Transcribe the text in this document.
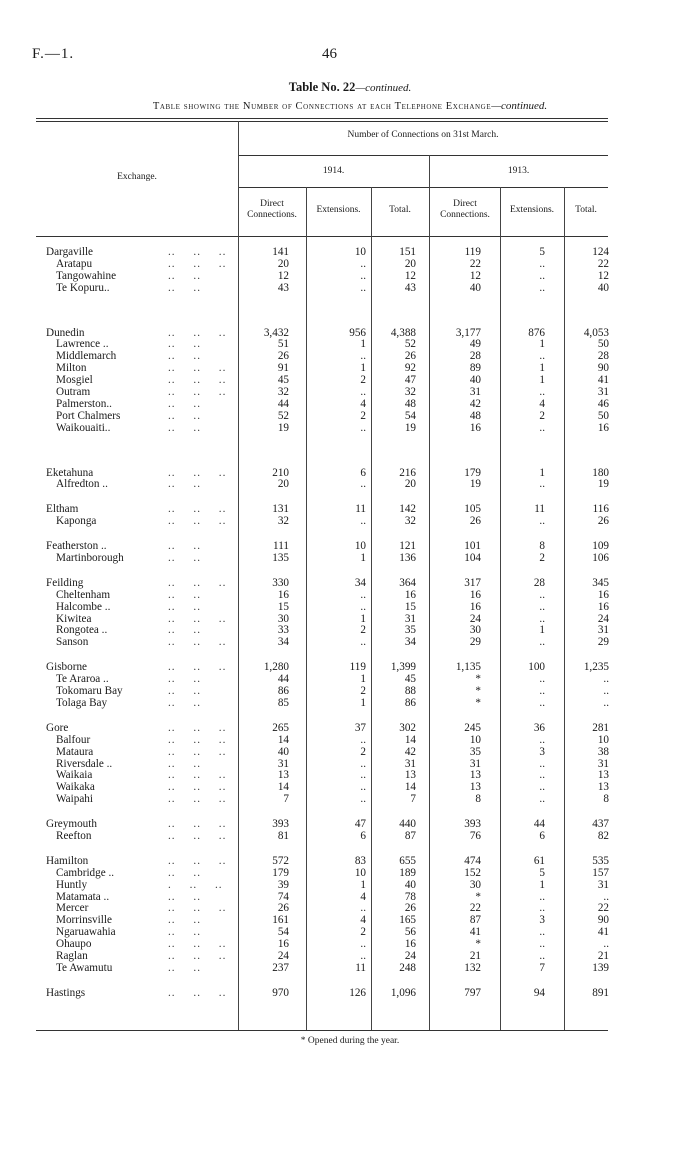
F.—1.	46
Table No. 22—continued.
Table showing the Number of Connections at each Telephone Exchange—continued.
Number of Connections on 31st March.
Exchange.
1914.	1913.
Direct Connections.	Extensions.	Total.
Direct Connections.	Extensions.	Total.
Dargaville	.. .. ..	141	10	151	119	5	124
Aratapu	.. .. ..	20	..	20	22	..	22
Tangowahine	.. ..	12	..	12	12	..	12
Te Kopuru..	.. ..	43	..	43	40	..	40
Dunedin	.. .. ..	3,432	956	4,388	3,177	876	4,053
Lawrence ..	.. ..	51	1	52	49	1	50
Middlemarch	.. ..	26	..	26	28	..	28
Milton	.. .. ..	91	1	92	89	1	90
Mosgiel	.. .. ..	45	2	47	40	1	41
Outram	.. .. ..	32	..	32	31	..	31
Palmerston..	.. ..	44	4	48	42	4	46
Port Chalmers	.. ..	52	2	54	48	2	50
Waikouaiti..	.. ..	19	..	19	16	..	16
Eketahuna	.. .. ..	210	6	216	179	1	180
Alfredton ..	.. ..	20	..	20	19	..	19
Eltham	.. .. ..	131	11	142	105	11	116
Kaponga	.. .. ..	32	..	32	26	..	26
Featherston ..	.. ..	111	10	121	101	8	109
Martinborough	.. ..	135	1	136	104	2	106
Feilding	.. .. ..	330	34	364	317	28	345
Cheltenham	.. ..	16	..	16	16	..	16
Halcombe ..	.. ..	15	..	15	16	..	16
Kiwitea	.. .. ..	30	1	31	24	..	24
Rongotea ..	.. ..	33	2	35	30	1	31
Sanson	.. .. ..	34	..	34	29	..	29
Gisborne	.. .. ..	1,280	119	1,399	1,135	100	1,235
Te Araroa ..	.. ..	44	1	45	*	..	..
Tokomaru Bay	.. ..	86	2	88	*	..	..
Tolaga Bay	.. ..	85	1	86	*	..	..
Gore	.. .. ..	265	37	302	245	36	281
Balfour	.. .. ..	14	..	14	10	..	10
Mataura	.. .. ..	40	2	42	35	3	38
Riversdale ..	.. ..	31	..	31	31	..	31
Waikaia	.. .. ..	13	..	13	13	..	13
Waikaka	.. .. ..	14	..	14	13	..	13
Waipahi	.. .. ..	7	..	7	8	..	8
Greymouth	.. .. ..	393	47	440	393	44	437
Reefton	.. .. ..	81	6	87	76	6	82
Hamilton	.. .. ..	572	83	655	474	61	535
Cambridge ..	.. ..	179	10	189	152	5	157
Huntly	. .. ..	39	1	40	30	1	31
Matamata ..	.. ..	74	4	78	*	..	..
Mercer	.. .. ..	26	..	26	22	..	22
Morrinsville	.. ..	161	4	165	87	3	90
Ngaruawahia	.. ..	54	2	56	41	..	41
Ohaupo	.. .. ..	16	..	16	*	..	..
Raglan	.. .. ..	24	..	24	21	..	21
Te Awamutu	.. ..	237	11	248	132	7	139
Hastings	.. .. ..	970	126	1,096	797	94	891
* Opened during the year.
